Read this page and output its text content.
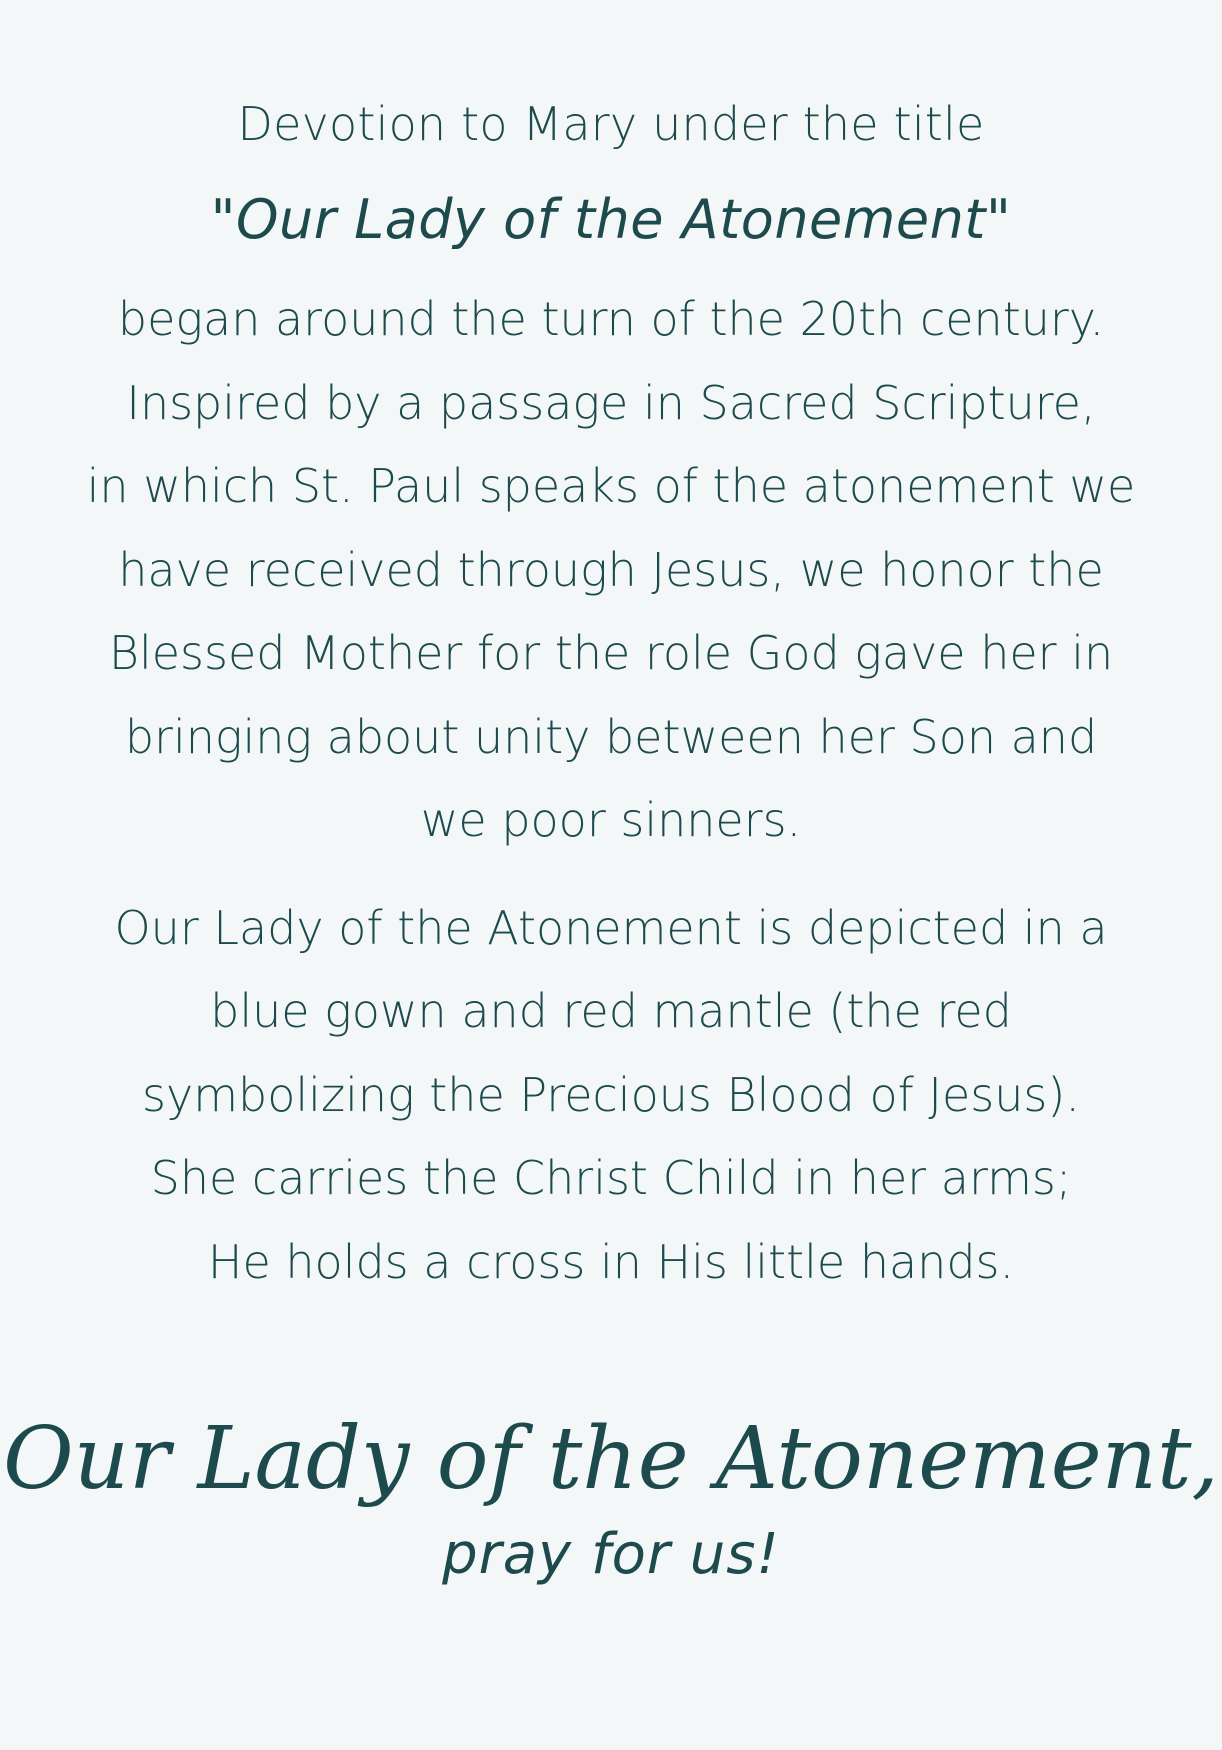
Devotion to Mary under the title

"Our Lady of the Atonement"

began around the turn of the 20th century.
Inspired by a passage in Sacred Scripture,
in which St. Paul speaks of the atonement we
have received through Jesus, we honor the
Blessed Mother for the role God gave her in
bringing about unity between her Son and
we poor sinners.
Our Lady of the Atonement is depicted in a
blue gown and red mantle (the red
symbolizing the Precious Blood of Jesus).
She carries the Christ Child in her arms;
He holds a cross in His little hands.
Our Lady of the Atonement,
pray for us!
